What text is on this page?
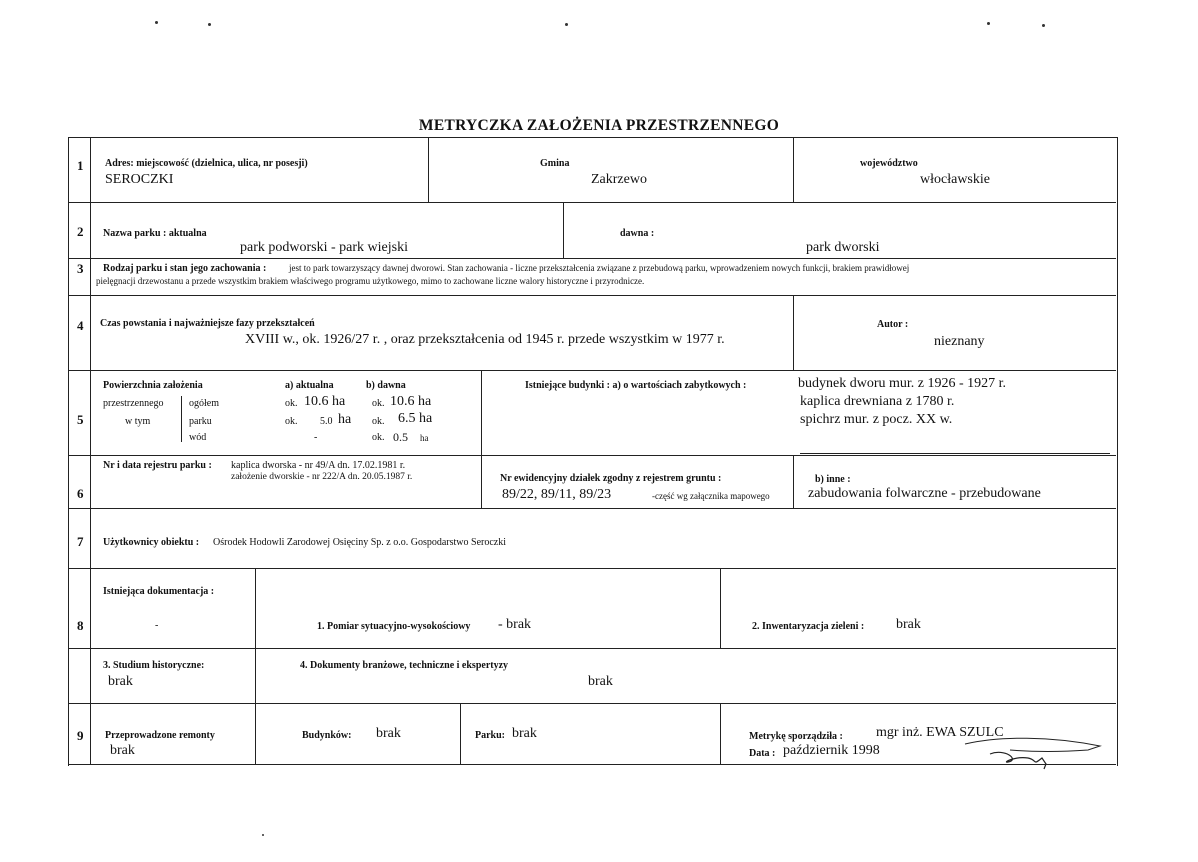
METRYCZKA ZAŁOŻENIA PRZESTRZENNEGO
1 Adres: miejscowość (dzielnica, ulica, nr posesji)
SEROCZKI
Gmina
Zakrzewo
województwo
włocławskie
2 Nazwa parku : aktualna
park podworski - park wiejski
dawna :
park dworski
3 Rodzaj parku i stan jego zachowania :	jest to park towarzyszący dawnej dworowi. Stan zachowania - liczne przekształcenia związane z przebudową parku, wprowadzeniem nowych funkcji, brakiem prawidłowej
pielęgnacji drzewostanu a przede wszystkim brakiem właściwego programu użytkowego, mimo to zachowane liczne walory historyczne i przyrodnicze.
4 Czas powstania i najważniejsze fazy przekształceń
XVIII w., ok. 1926/27 r. , oraz przekształcenia od 1945 r. przede wszystkim w 1977 r.
Autor :
nieznany
5
Powierzchnia założenia	a) aktualna	b) dawna
przestrzennego	ogółem	ok. 10.6 ha	ok. 10.6 ha
w tym	parku	ok. 5.0 ha ok. 6.5 ha
wód	-	ok. 0.5 ha
Istniejące budynki : a) o wartościach zabytkowych :	budynek dworu mur. z 1926 - 1927 r.
kaplica drewniana z 1780 r.
spichrz mur. z pocz. XX w.
6
Nr i data rejestru parku : kaplica dworska - nr 49/A dn. 17.02.1981 r.
założenie dworskie - nr 222/A dn. 20.05.1987 r.	Nr ewidencyjny działek zgodny z rejestrem gruntu :
89/22, 89/11, 89/23	-część wg załącznika mapowego
b) inne :
zabudowania folwarczne - przebudowane
7 Użytkownicy obiektu : Ośrodek Hodowli Zarodowej Osięciny Sp. z o.o. Gospodarstwo Seroczki
8
Istniejąca dokumentacja :
-	1. Pomiar sytuacyjno-wysokościowy - brak	2. Inwentaryzacja zieleni : brak
3. Studium historyczne:
brak
4. Dokumenty branżowe, techniczne i ekspertyzy
brak
9 Przeprowadzone remonty
brak
Budynków: brak	Parku: brak	Metrykę sporządziła : mgr inż. EWA SZULC
Data : październik 1998
